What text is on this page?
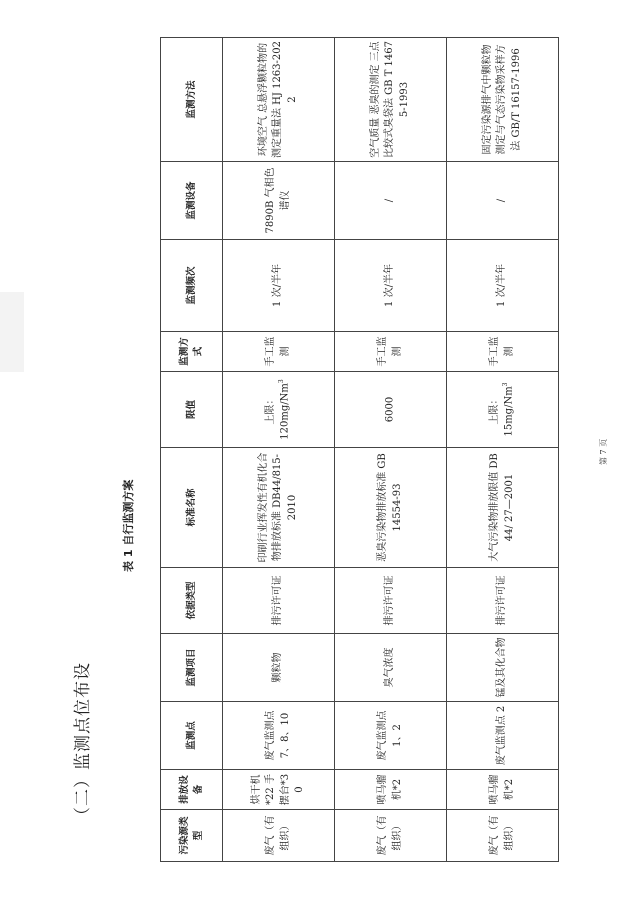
（二）监测点位布设
表 1 自行监测方案
污染源类型	排放设备	监测点	监测项目	依据类型	标准名称	限值	监测方式	监测频次	监测设备	监测方法
废气（有组织）	烘干机*22 手摆台*30	废气监测点 7、8、10	颗粒物	排污许可证	印刷行业挥发性有机化合物排放标准 DB44/815-2010	上限： 120mg/Nm$^3$	手工监测	1 次/半年	7890B 气相色谱仪	环境空气 总悬浮颗粒物的测定重量法 HJ 1263-2022
废气（有组织）	喷马骝机*2	废气监测点 1、2	臭气浓度	排污许可证	恶臭污染物排放标准 GB 14554-93	6000	手工监测	1 次/半年	/	空气质量 恶臭的测定 三点比较式臭袋法 GB T 14675-1993
废气（有组织）	喷马骝机*2	废气监测点 2	锰及其化合物	排污许可证	大气污染物排放限值 DB44/ 27—2001	上限： 15mg/Nm$^3$	手工监测	1 次/半年	/	固定污染源排气中颗粒物测定与气态污染物采样方法 GB/T 16157-1996
第 7 页
